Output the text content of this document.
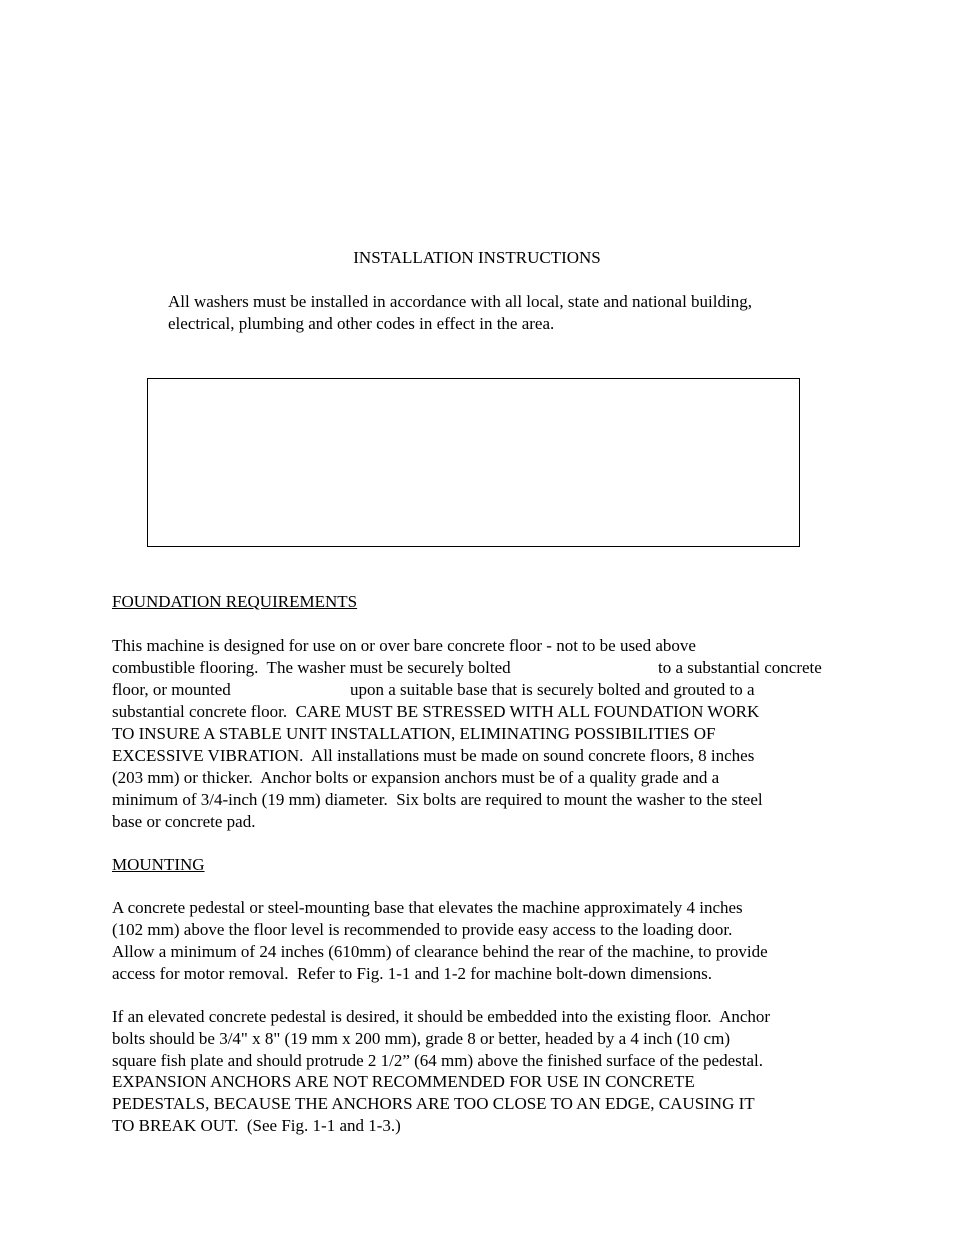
INSTALLATION INSTRUCTIONS

All washers must be installed in accordance with all local, state and national building,

electrical, plumbing and other codes in effect in the area.

FOUNDATION REQUIREMENTS

This machine is designed for use on or over bare concrete floor - not to be used above

combustible flooring.  The washer must be securely bolted	to a substantial concrete

floor, or mounted	upon a suitable base that is securely bolted and grouted to a

substantial concrete floor.  CARE MUST BE STRESSED WITH ALL FOUNDATION WORK

TO INSURE A STABLE UNIT INSTALLATION, ELIMINATING POSSIBILITIES OF

EXCESSIVE VIBRATION.  All installations must be made on sound concrete floors, 8 inches

(203 mm) or thicker.  Anchor bolts or expansion anchors must be of a quality grade and a

minimum of 3/4-inch (19 mm) diameter.  Six bolts are required to mount the washer to the steel

base or concrete pad.

MOUNTING

A concrete pedestal or steel-mounting base that elevates the machine approximately 4 inches

(102 mm) above the floor level is recommended to provide easy access to the loading door.

Allow a minimum of 24 inches (610mm) of clearance behind the rear of the machine, to provide

access for motor removal.  Refer to Fig. 1-1 and 1-2 for machine bolt-down dimensions.

If an elevated concrete pedestal is desired, it should be embedded into the existing floor.  Anchor

bolts should be 3/4" x 8" (19 mm x 200 mm), grade 8 or better, headed by a 4 inch (10 cm)

square fish plate and should protrude 2 1/2” (64 mm) above the finished surface of the pedestal.

EXPANSION ANCHORS ARE NOT RECOMMENDED FOR USE IN CONCRETE

PEDESTALS, BECAUSE THE ANCHORS ARE TOO CLOSE TO AN EDGE, CAUSING IT

TO BREAK OUT.  (See Fig. 1-1 and 1-3.)
